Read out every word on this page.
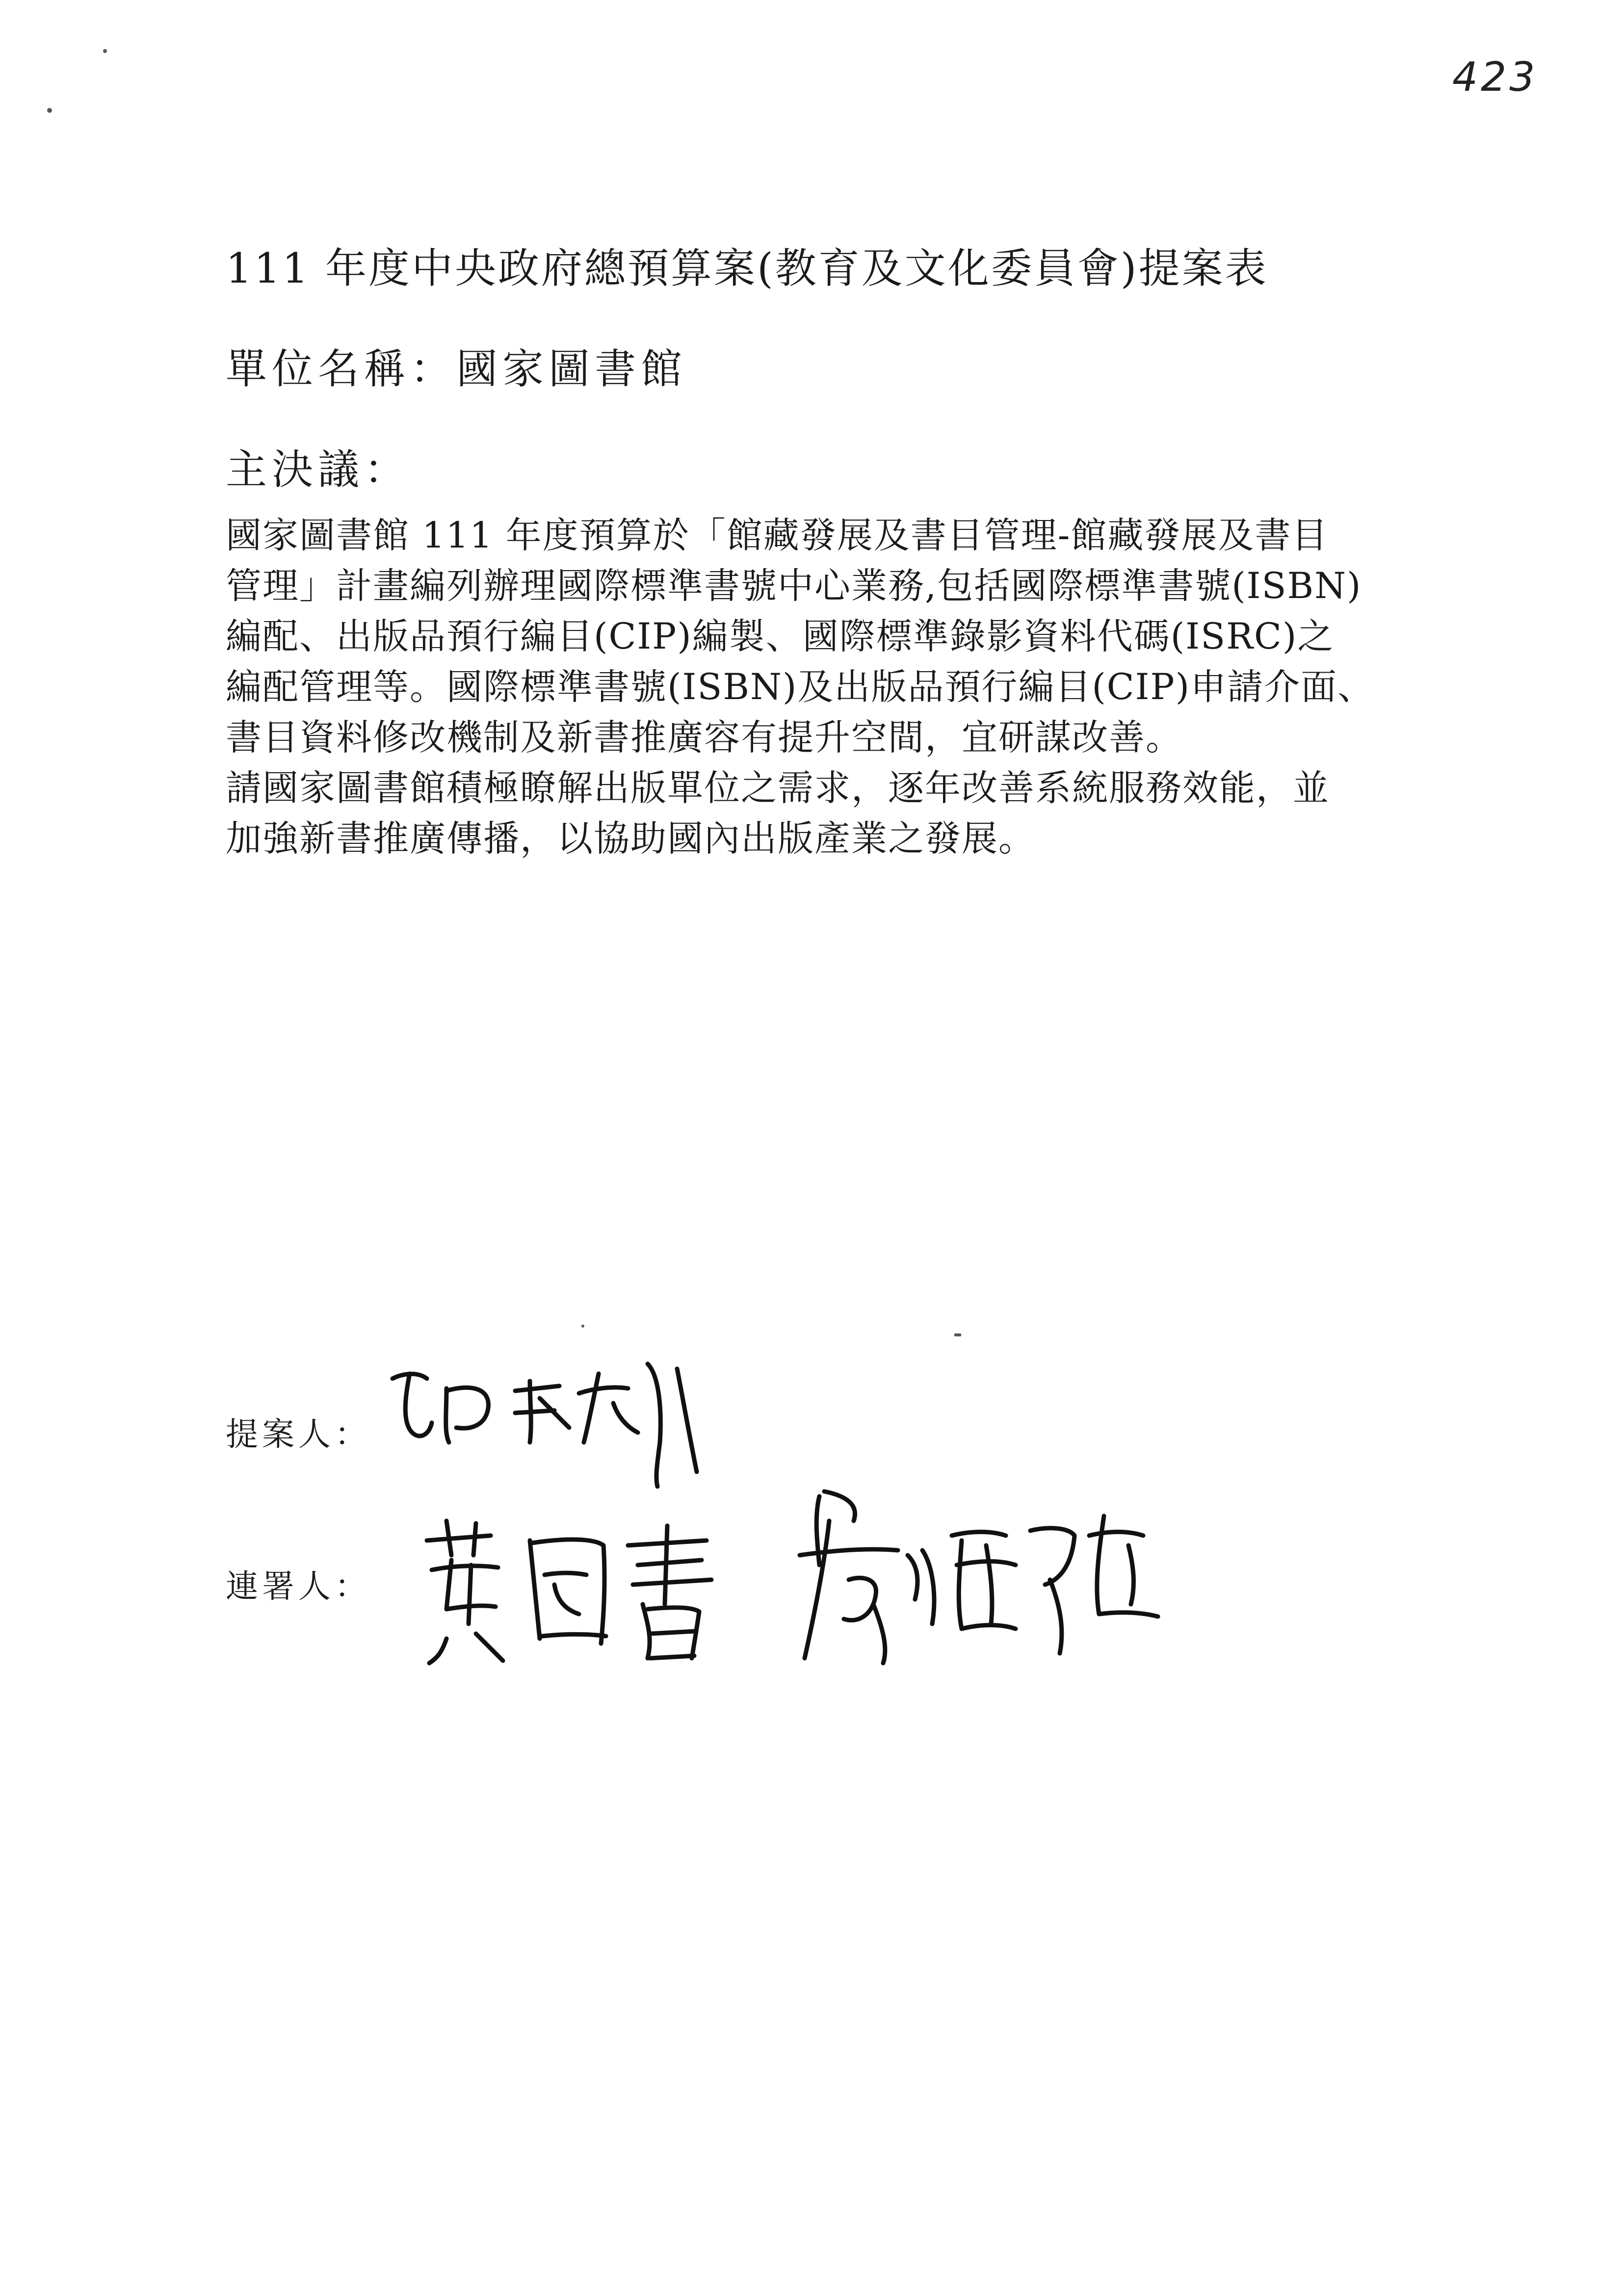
423
111 年度中央政府總預算案(教育及文化委員會)提案表
單位名稱：國家圖書館
主決議：

國家圖書館 111 年度預算於「館藏發展及書目管理-館藏發展及書目

管理」計畫編列辦理國際標準書號中心業務,包括國際標準書號(ISBN)

編配、出版品預行編目(CIP)編製、國際標準錄影資料代碼(ISRC)之

編配管理等。國際標準書號(ISBN)及出版品預行編目(CIP)申請介面、

書目資料修改機制及新書推廣容有提升空間，宜研謀改善。

請國家圖書館積極瞭解出版單位之需求，逐年改善系統服務效能，並

加強新書推廣傳播，以協助國內出版產業之發展。

提案人：
連署人：
